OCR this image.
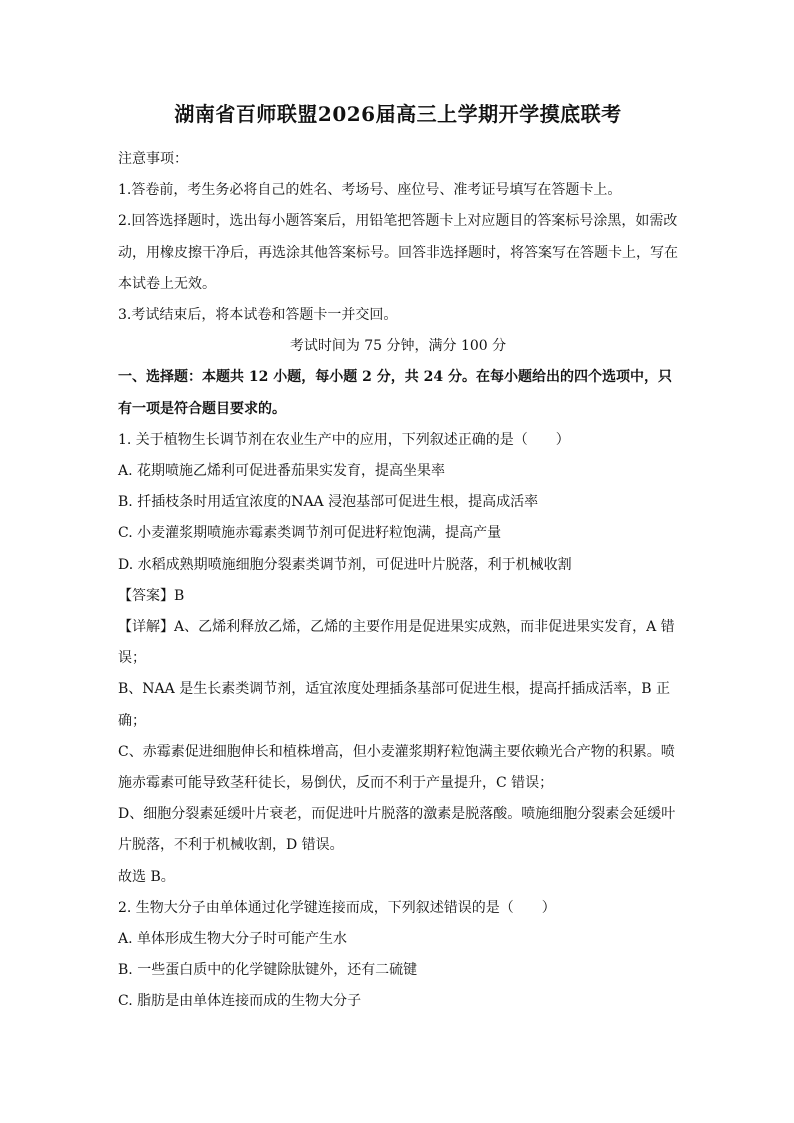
湖南省百师联盟2026届高三上学期开学摸底联考

注意事项：

1.答卷前，考生务必将自己的姓名、考场号、座位号、准考证号填写在答题卡上。

2.回答选择题时，选出每小题答案后，用铅笔把答题卡上对应题目的答案标号涂黑，如需改动，用橡皮擦干净后，再选涂其他答案标号。回答非选择题时，将答案写在答题卡上，写在本试卷上无效。

3.考试结束后，将本试卷和答题卡一并交回。

考试时间为 75 分钟，满分 100 分

一、选择题：本题共 12 小题，每小题 2 分，共 24 分。在每小题给出的四个选项中，只有一项是符合题目要求的。

1. 关于植物生长调节剂在农业生产中的应用，下列叙述正确的是（　　）

A. 花期喷施乙烯利可促进番茄果实发育，提高坐果率

B. 扦插枝条时用适宜浓度的NAA 浸泡基部可促进生根，提高成活率

C. 小麦灌浆期喷施赤霉素类调节剂可促进籽粒饱满，提高产量

D. 水稻成熟期喷施细胞分裂素类调节剂，可促进叶片脱落，利于机械收割

【答案】B

【详解】A、乙烯利释放乙烯，乙烯的主要作用是促进果实成熟，而非促进果实发育，A 错误；

B、NAA 是生长素类调节剂，适宜浓度处理插条基部可促进生根，提高扦插成活率，B 正确；

C、赤霉素促进细胞伸长和植株增高，但小麦灌浆期籽粒饱满主要依赖光合产物的积累。喷施赤霉素可能导致茎秆徒长，易倒伏，反而不利于产量提升，C 错误；

D、细胞分裂素延缓叶片衰老，而促进叶片脱落的激素是脱落酸。喷施细胞分裂素会延缓叶片脱落，不利于机械收割，D 错误。

故选 B。

2. 生物大分子由单体通过化学键连接而成，下列叙述错误的是（　　）

A. 单体形成生物大分子时可能产生水

B. 一些蛋白质中的化学键除肽键外，还有二硫键

C. 脂肪是由单体连接而成的生物大分子
